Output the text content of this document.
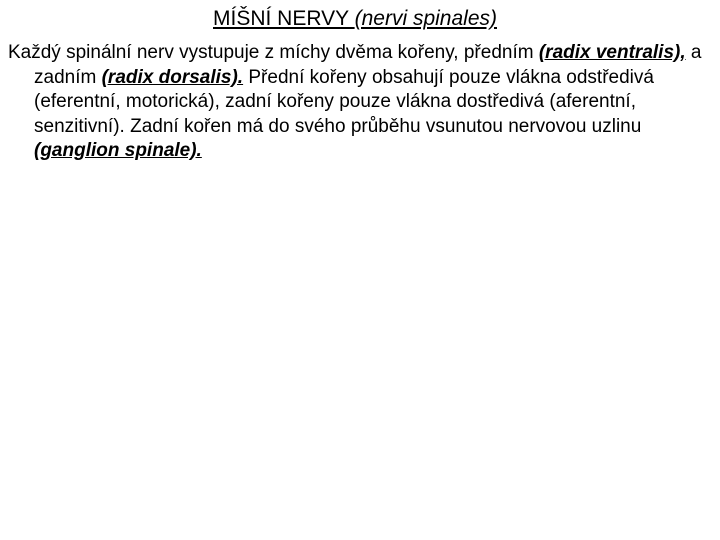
MÍŠNÍ NERVY (nervi spinales)
Každý spinální nerv vystupuje z míchy dvěma kořeny, předním (radix ventralis), a zadním (radix dorsalis). Přední kořeny obsahují pouze vlákna odstředivá (eferentní, motorická), zadní kořeny pouze vlákna dostředivá (aferentní, senzitivní). Zadní kořen má do svého průběhu vsunutou nervovou uzlinu (ganglion spinale).
